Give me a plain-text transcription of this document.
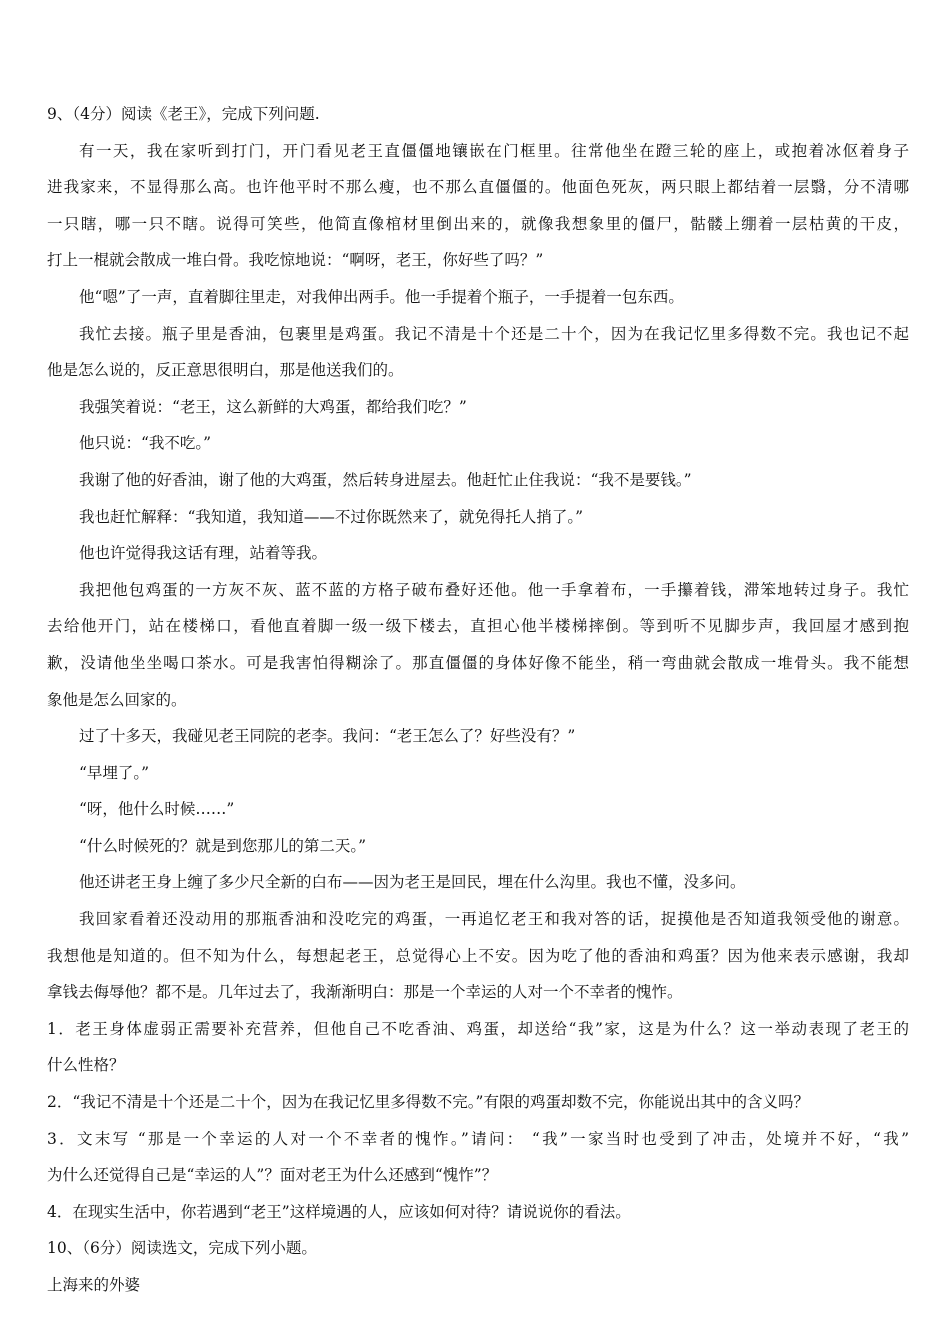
9、（4分）阅读《老王》，完成下列问题.
有一天，我在家听到打门，开门看见老王直僵僵地镶嵌在门框里。往常他坐在蹬三轮的座上，或抱着冰伛着身子
进我家来，不显得那么高。也许他平时不那么瘦，也不那么直僵僵的。他面色死灰，两只眼上都结着一层翳，分不清哪
一只瞎，哪一只不瞎。说得可笑些，他简直像棺材里倒出来的，就像我想象里的僵尸，骷髅上绷着一层枯黄的干皮，
打上一棍就会散成一堆白骨。我吃惊地说：“啊呀，老王，你好些了吗？”
他“嗯”了一声，直着脚往里走，对我伸出两手。他一手提着个瓶子，一手提着一包东西。
我忙去接。瓶子里是香油，包裹里是鸡蛋。我记不清是十个还是二十个，因为在我记忆里多得数不完。我也记不起
他是怎么说的，反正意思很明白，那是他送我们的。
我强笑着说：“老王，这么新鲜的大鸡蛋，都给我们吃？”
他只说：“我不吃。”
我谢了他的好香油，谢了他的大鸡蛋，然后转身进屋去。他赶忙止住我说：“我不是要钱。”
我也赶忙解释：“我知道，我知道——不过你既然来了，就免得托人捎了。”
他也许觉得我这话有理，站着等我。
我把他包鸡蛋的一方灰不灰、蓝不蓝的方格子破布叠好还他。他一手拿着布，一手攥着钱，滞笨地转过身子。我忙
去给他开门，站在楼梯口，看他直着脚一级一级下楼去，直担心他半楼梯摔倒。等到听不见脚步声，我回屋才感到抱
歉，没请他坐坐喝口茶水。可是我害怕得糊涂了。那直僵僵的身体好像不能坐，稍一弯曲就会散成一堆骨头。我不能想
象他是怎么回家的。
过了十多天，我碰见老王同院的老李。我问：“老王怎么了？好些没有？”
“早埋了。”
“呀，他什么时候……”
“什么时候死的？就是到您那儿的第二天。”
他还讲老王身上缠了多少尺全新的白布——因为老王是回民，埋在什么沟里。我也不懂，没多问。
我回家看着还没动用的那瓶香油和没吃完的鸡蛋，一再追忆老王和我对答的话，捉摸他是否知道我领受他的谢意。
我想他是知道的。但不知为什么，每想起老王，总觉得心上不安。因为吃了他的香油和鸡蛋？因为他来表示感谢，我却
拿钱去侮辱他？都不是。几年过去了，我渐渐明白：那是一个幸运的人对一个不幸者的愧怍。
1．老王身体虚弱正需要补充营养，但他自己不吃香油、鸡蛋，却送给“我”家，这是为什么？这一举动表现了老王的
什么性格？
2．“我记不清是十个还是二十个，因为在我记忆里多得数不完。”有限的鸡蛋却数不完，你能说出其中的含义吗？
3．文末写 “那是一个幸运的人对一个不幸者的愧怍。”请问： “我”一家当时也受到了冲击，处境并不好，“我”
为什么还觉得自己是“幸运的人”？面对老王为什么还感到“愧怍”？
4．在现实生活中，你若遇到“老王”这样境遇的人，应该如何对待？请说说你的看法。
10、（6分）阅读选文，完成下列小题。
上海来的外婆
